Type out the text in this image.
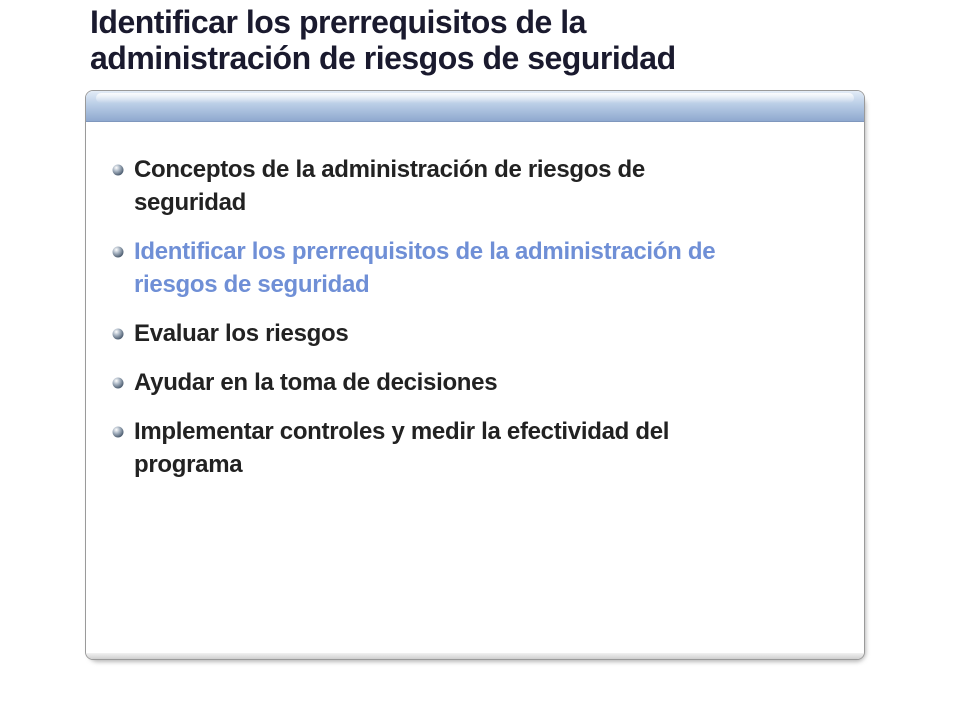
Identificar los prerrequisitos de la
administración de riesgos de seguridad
Conceptos de la administración de riesgos de
seguridad
Identificar los prerrequisitos de la administración de
riesgos de seguridad
Evaluar los riesgos
Ayudar en la toma de decisiones
Implementar controles y medir la efectividad del
programa
